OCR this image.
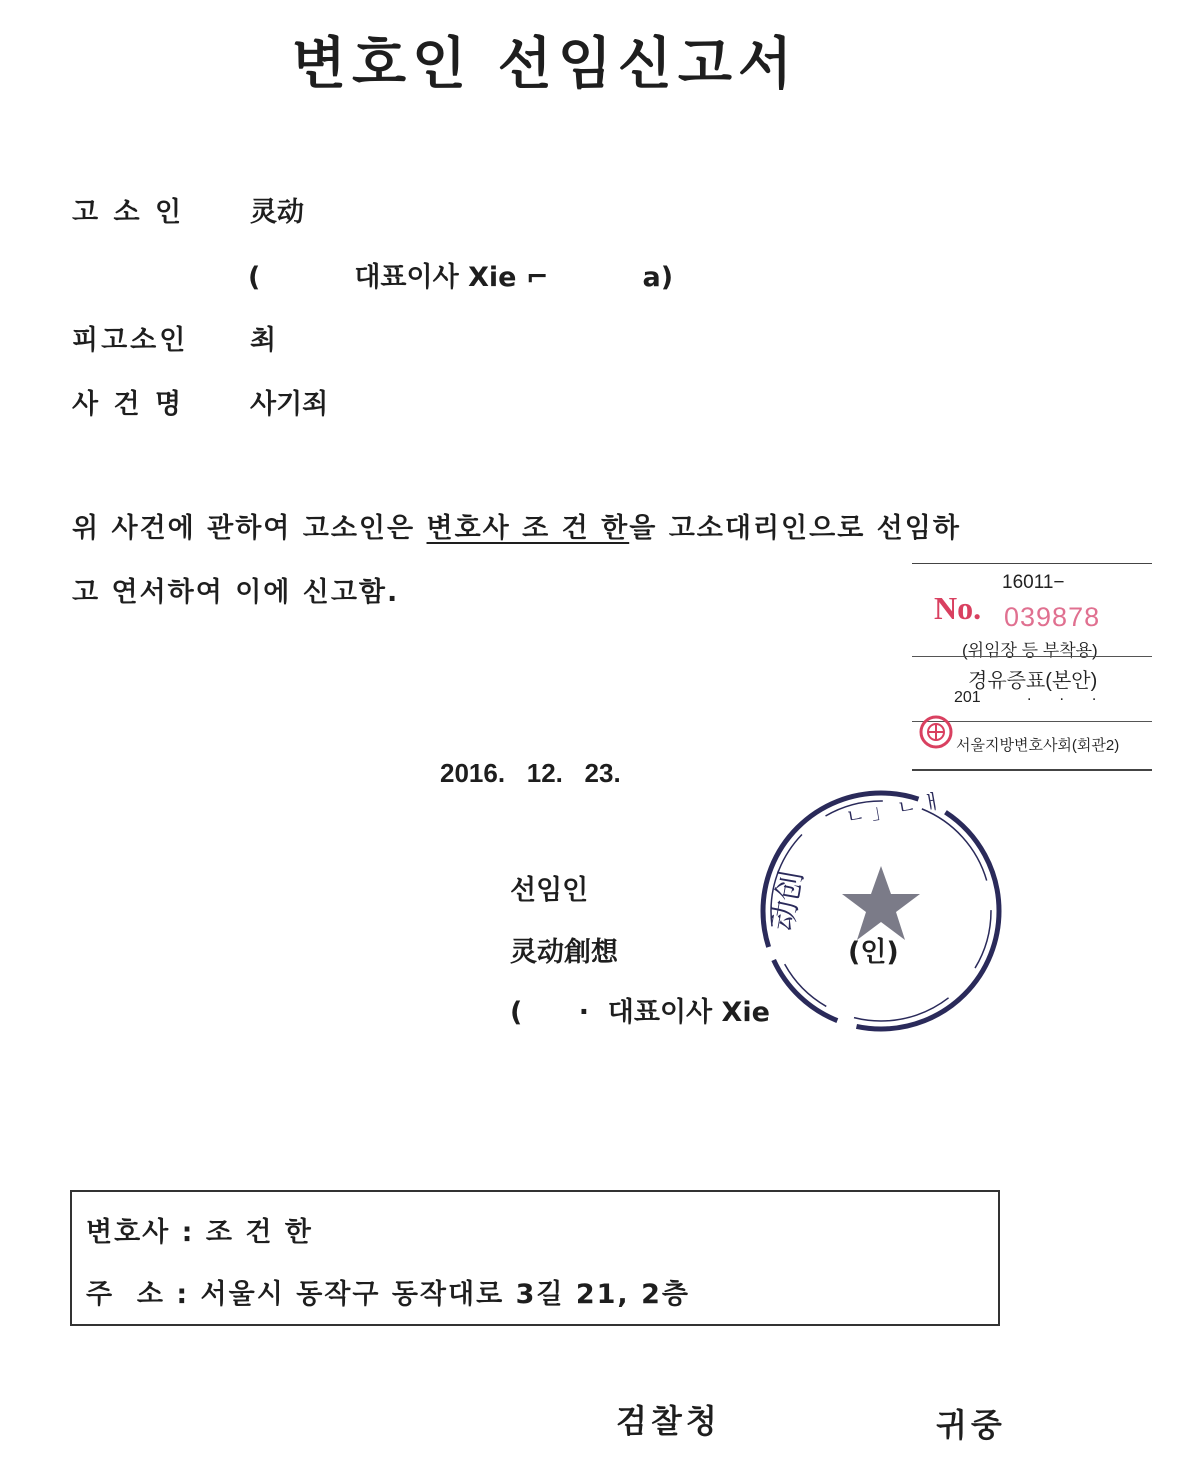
변호인 선임신고서
고 소 인 灵动
(          대표이사 Xie ⌐          a)
피고소인 최
사 건 명 사기죄
위 사건에 관하여 고소인은 변호사 조 건 한을 고소대리인으로 선임하
고 연서하여 이에 신고함.	16011−
No. 039878
(위임장 등 부착용)
경유증표(본안)
201	...
서울지방변호사회(회관2)
2016.   12.   23.
선임인
灵动創想
(      ·  대표이사 Xie
动创
ㄴ 」 ㄴ ㅐ
(인)
변호사 : 조 건 한
주  소 : 서울시 동작구 동작대로 3길 21, 2층
검찰청	귀중
